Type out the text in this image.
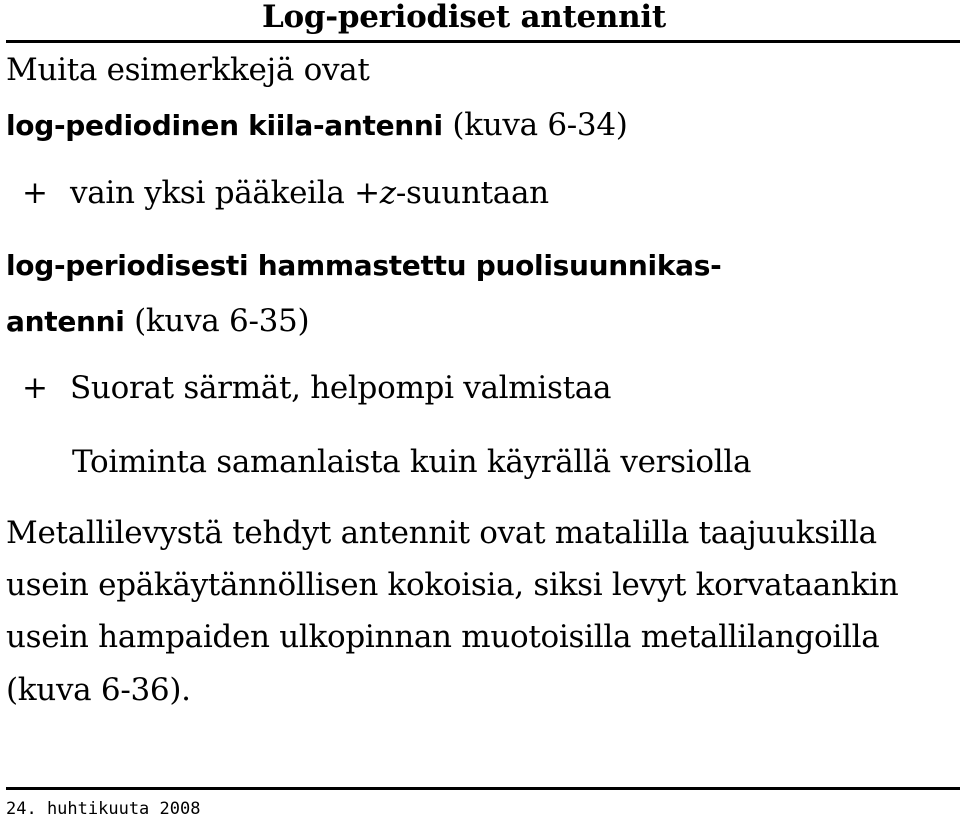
Log-periodiset antennit
Muita esimerkkejä ovat
log-pediodinen kiila-antenni (kuva 6-34)
+ vain yksi pääkeila +z-suuntaan
log-periodisesti hammastettu puolisuunnikas-
antenni (kuva 6-35)
+ Suorat särmät, helpompi valmistaa
Toiminta samanlaista kuin käyrällä versiolla
Metallilevystä tehdyt antennit ovat matalilla taajuuksilla
usein epäkäytännöllisen kokoisia, siksi levyt korvataankin
usein hampaiden ulkopinnan muotoisilla metallilangoilla
(kuva 6-36).
24. huhtikuuta 2008
